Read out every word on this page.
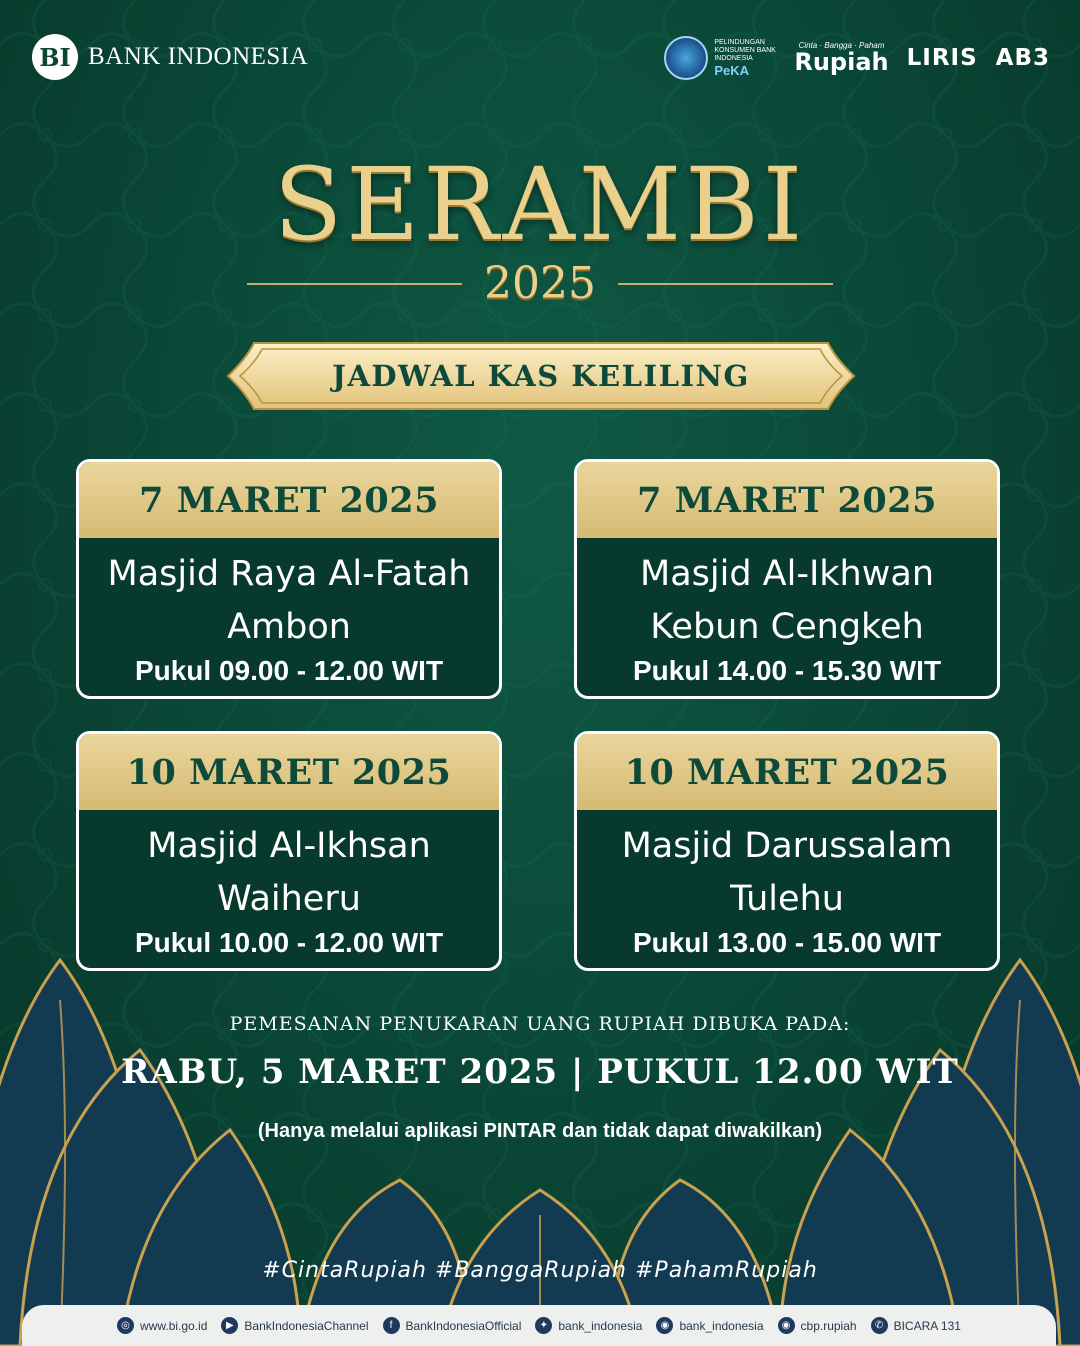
BI BANK INDONESIA
PELINDUNGAN KONSUMEN BANK INDONESIA
PeKA
Cinta · Bangga · Paham
Rupiah LIRIS AB3
SERAMBI
2025
JADWAL KAS KELILING
7 MARET 2025
Masjid Raya Al-Fatah
Ambon
Pukul 09.00 - 12.00 WIT
7 MARET 2025
Masjid Al-Ikhwan
Kebun Cengkeh
Pukul 14.00 - 15.30 WIT
10 MARET 2025
Masjid Al-Ikhsan
Waiheru
Pukul 10.00 - 12.00 WIT
10 MARET 2025
Masjid Darussalam
Tulehu
Pukul 13.00 - 15.00 WIT
PEMESANAN PENUKARAN UANG RUPIAH DIBUKA PADA:
RABU, 5 MARET 2025 | PUKUL 12.00 WIT
(Hanya melalui aplikasi PINTAR dan tidak dapat diwakilkan)
#CintaRupiah #BanggaRupiah #PahamRupiah
◎ www.bi.go.id	▶ BankIndonesiaChannel	f	BankIndonesiaOfficial	✦ bank_indonesia	◉ bank_indonesia	◉ cbp.rupiah	✆ BICARA 131
